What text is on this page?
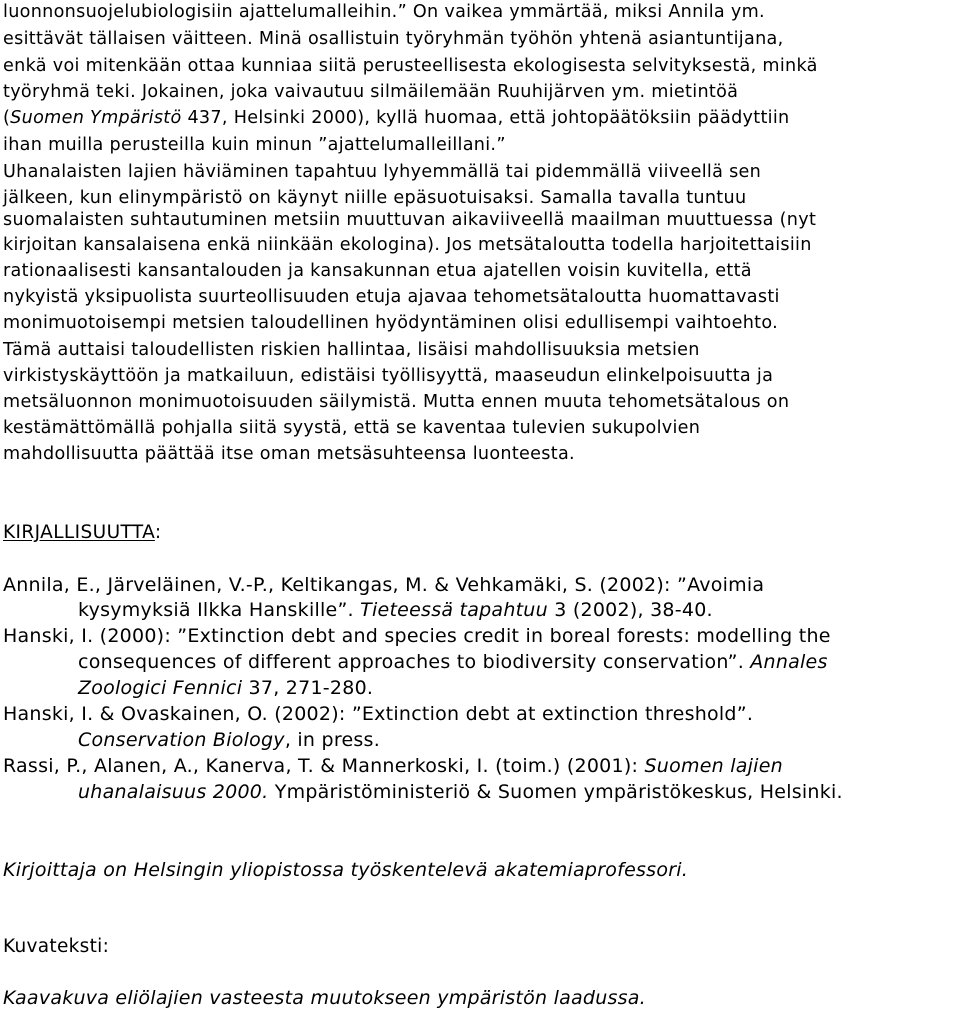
luonnonsuojelubiologisiin ajattelumalleihin.” On vaikea ymmärtää, miksi Annila ym.
esittävät tällaisen väitteen. Minä osallistuin työryhmän työhön yhtenä asiantuntijana,
enkä voi mitenkään ottaa kunniaa siitä perusteellisesta ekologisesta selvityksestä, minkä
työryhmä teki. Jokainen, joka vaivautuu silmäilemään Ruuhijärven ym. mietintöä
(Suomen Ympäristö 437, Helsinki 2000), kyllä huomaa, että johtopäätöksiin päädyttiin
ihan muilla perusteilla kuin minun ”ajattelumalleillani.”
Uhanalaisten lajien häviäminen tapahtuu lyhyemmällä tai pidemmällä viiveellä sen
jälkeen, kun elinympäristö on käynyt niille epäsuotuisaksi. Samalla tavalla tuntuu
suomalaisten suhtautuminen metsiin muuttuvan aikaviiveellä maailman muuttuessa (nyt
kirjoitan kansalaisena enkä niinkään ekologina). Jos metsätaloutta todella harjoitettaisiin
rationaalisesti kansantalouden ja kansakunnan etua ajatellen voisin kuvitella, että
nykyistä yksipuolista suurteollisuuden etuja ajavaa tehometsätaloutta huomattavasti
monimuotoisempi metsien taloudellinen hyödyntäminen olisi edullisempi vaihtoehto.
Tämä auttaisi taloudellisten riskien hallintaa, lisäisi mahdollisuuksia metsien
virkistyskäyttöön ja matkailuun, edistäisi työllisyyttä, maaseudun elinkelpoisuutta ja
metsäluonnon monimuotoisuuden säilymistä. Mutta ennen muuta tehometsätalous on
kestämättömällä pohjalla siitä syystä, että se kaventaa tulevien sukupolvien
mahdollisuutta päättää itse oman metsäsuhteensa luonteesta.
KIRJALLISUUTTA:
Annila, E., Järveläinen, V.-P., Keltikangas, M. & Vehkamäki, S. (2002): ”Avoimia
kysymyksiä Ilkka Hanskille”. Tieteessä tapahtuu 3 (2002), 38-40.
Hanski, I. (2000): ”Extinction debt and species credit in boreal forests: modelling the
consequences of different approaches to biodiversity conservation”. Annales
Zoologici Fennici 37, 271-280.
Hanski, I. & Ovaskainen, O. (2002): ”Extinction debt at extinction threshold”.
Conservation Biology, in press.
Rassi, P., Alanen, A., Kanerva, T. & Mannerkoski, I. (toim.) (2001): Suomen lajien
uhanalaisuus 2000. Ympäristöministeriö & Suomen ympäristökeskus, Helsinki.
Kirjoittaja on Helsingin yliopistossa työskentelevä akatemiaprofessori.
Kuvateksti:
Kaavakuva eliölajien vasteesta muutokseen ympäristön laadussa.
